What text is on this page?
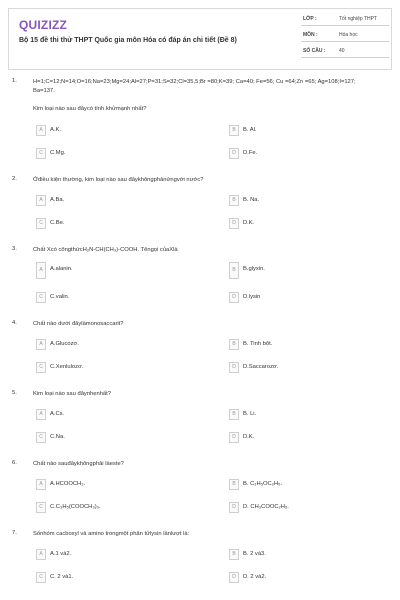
QUIZIZZ
Bộ 15 đề thi thử THPT Quốc gia môn Hóa có đáp án chi tiết (Đề 8)
LỚP :	Tốt nghiệp THPT
MÔN :	Hóa học
SỐ CÂU :	40
1.	H=1;C=12;N=14;O=16;Na=23;Mg=24;Al=27;P=31;S=32;Cl=35,5;Br =80;K=39; Ca=40; Fe=56; Cu =64;Zn =65; Ag=108;I=127; Ba=137.
Kim loại nào sau đâycó tính khửmạnh nhất?
A	A.K.	B	B. Al.
C	C.Mg.	D	D.Fe.
2.	Ởđiều kiện thường, kim loại nào sau đâykhôngphảnứngvới nước?
A	A.Ba.	B	B. Na.
C	C.Be.	D	D.K.
3.	Chất Xcó côngthứcH₂N-CH(CH₃)-COOH. Têngọi củaXlà
A	A.alanin.	B	B.glyxin.
C	C.valin.	D	D.lysin
4.	Chất nào dưới đâylàmonosaccarit?
A	A.Glucozơ.	B	B. Tinh bột.
C	C.Xenlulozơ.	D	D.Saccarozơ.
5.	Kim loại nào sau đâynhẹnhất?
A	A.Cs.	B	B. Li.
C	C.Na.	D	D.K.
6.	Chất nào sauđâykhôngphải làeste?
A	A.HCOOCH₃.	B	B. C₂H₅OC₂H₅.
C	C.C₃H₅(COOCH₃)₃.	D	D. CH₃COOC₂H₅.
7.	Sốnhóm cacboxyl và amino trongmột phân tửlysin lầnlượt là:
A	A.1 và2.	B	B. 2 và3.
C	C. 2 và1.	D	D. 2 và2.
